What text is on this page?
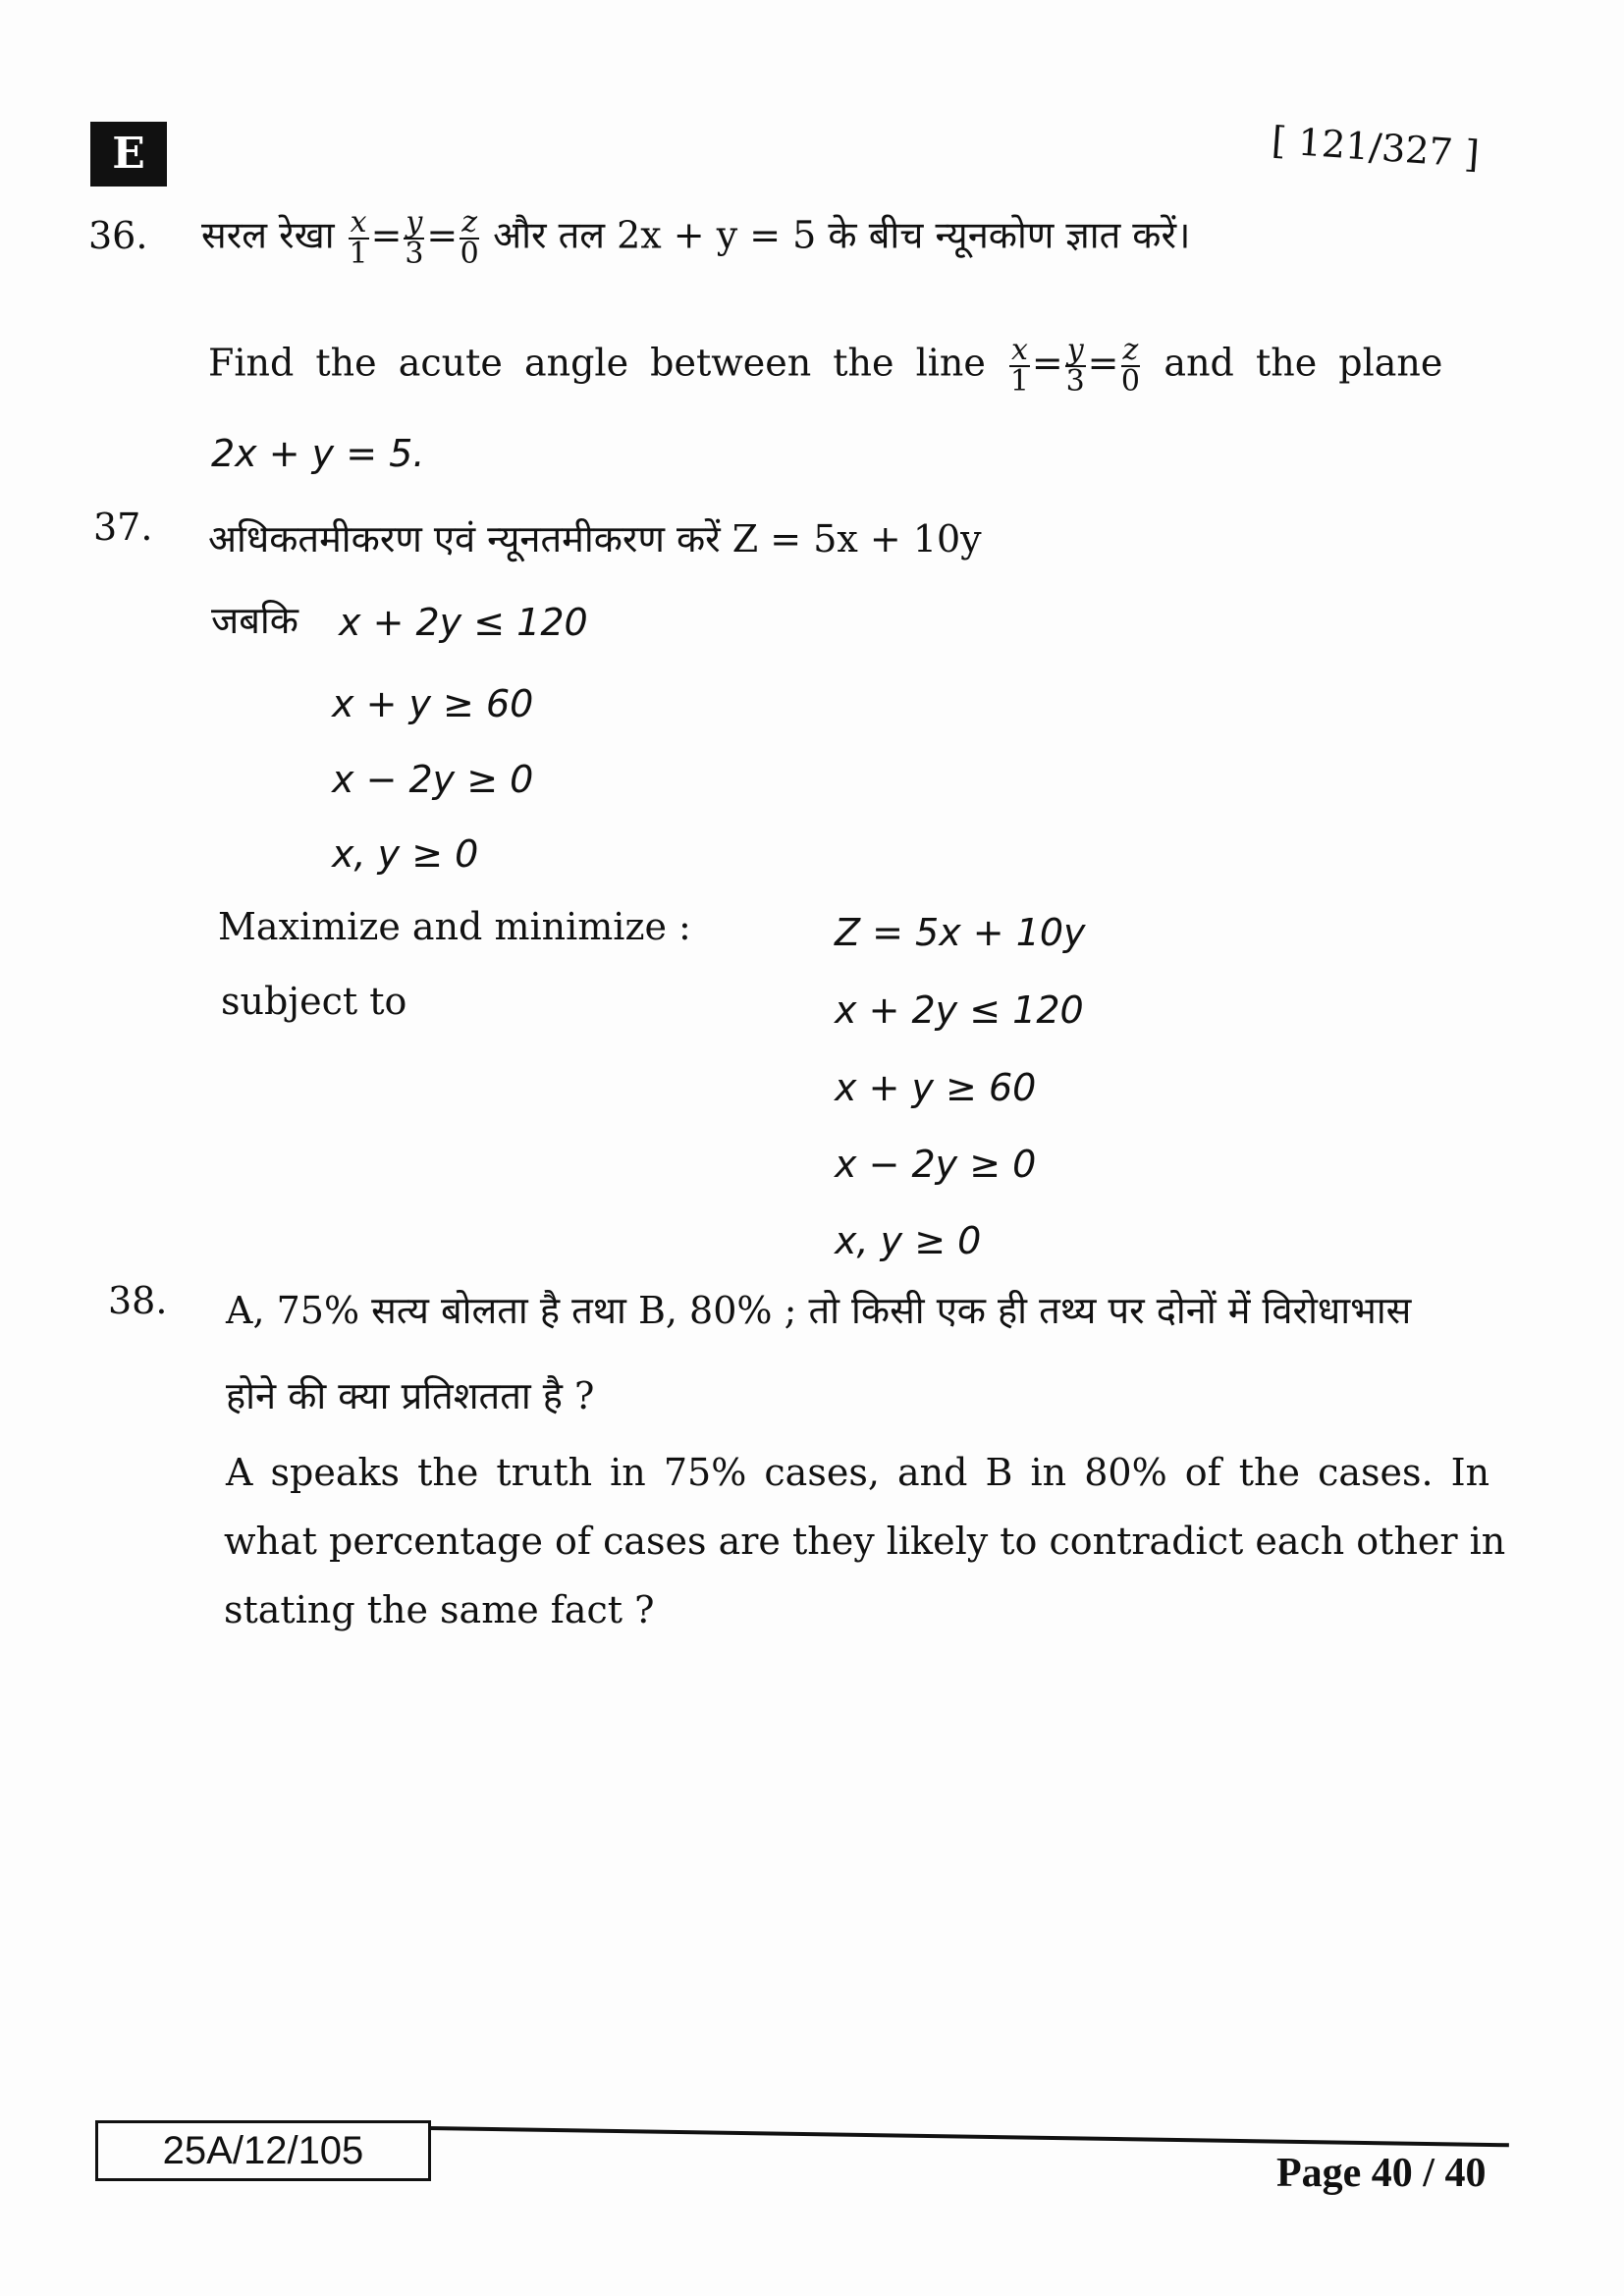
E	[ 121/327 ]
36. सरल रेखा $\frac{x}{1} = \frac{y}{3} = \frac{z}{0}$ और तल 2x + y = 5 के बीच न्यूनकोण ज्ञात करें।
Find the acute angle between the line $\frac{x}{1} = \frac{y}{3} = \frac{z}{0}$ and the plane
2x + y = 5.
37. अधिकतमीकरण एवं न्यूनतमीकरण करें Z = 5x + 10y
जबकि x + 2y ≤ 120
x + y ≥ 60
x − 2y ≥ 0
x, y ≥ 0
Maximize and minimize :	Z = 5x + 10y
subject to	x + 2y ≤ 120
x + y ≥ 60
x − 2y ≥ 0
x, y ≥ 0
38. A, 75% सत्य बोलता है तथा B, 80% ; तो किसी एक ही तथ्य पर दोनों में विरोधाभास
होने की क्या प्रतिशतता है ?
A speaks the truth in 75% cases, and B in 80% of the cases. In
what percentage of cases are they likely to contradict each other in
stating the same fact ?
25A/12/105	Page 40 / 40
